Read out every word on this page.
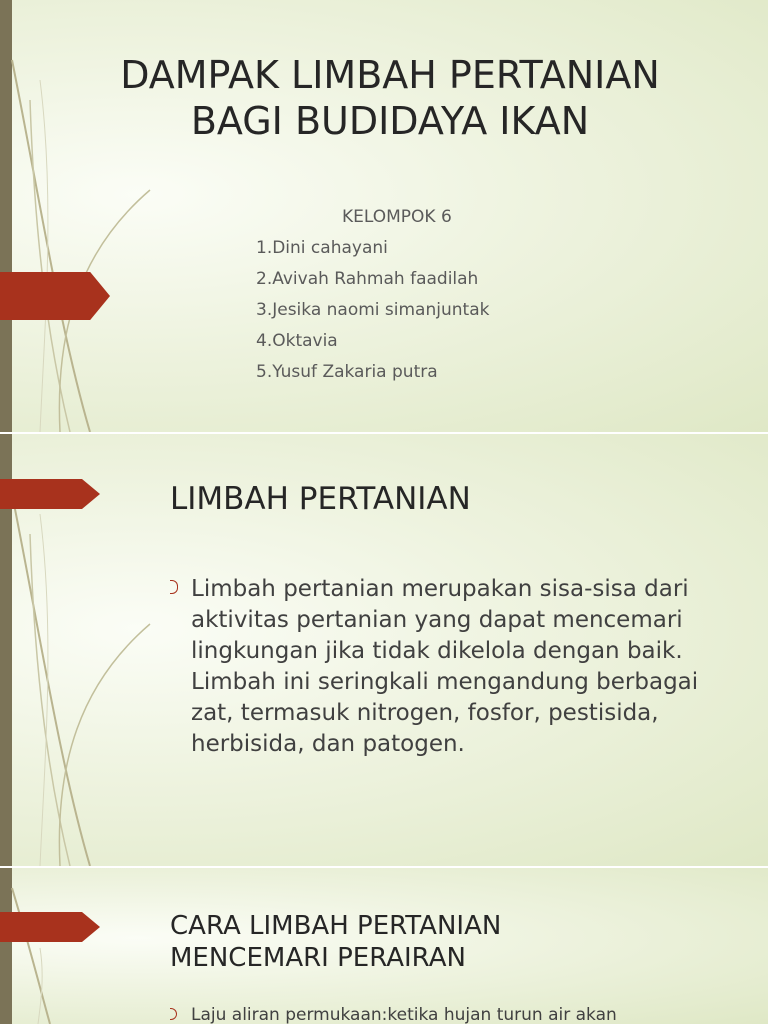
DAMPAK LIMBAH PERTANIAN
BAGI BUDIDAYA IKAN
KELOMPOK 6
1.Dini cahayani
2.Avivah Rahmah faadilah
3.Jesika naomi simanjuntak
4.Oktavia
5.Yusuf Zakaria putra
LIMBAH PERTANIAN
Limbah pertanian merupakan sisa-sisa dari aktivitas pertanian yang dapat mencemari lingkungan jika tidak dikelola dengan baik. Limbah ini seringkali mengandung berbagai zat, termasuk nitrogen, fosfor, pestisida, herbisida, dan patogen.
CARA LIMBAH PERTANIAN
MENCEMARI PERAIRAN
Laju aliran permukaan:ketika hujan turun air akan
